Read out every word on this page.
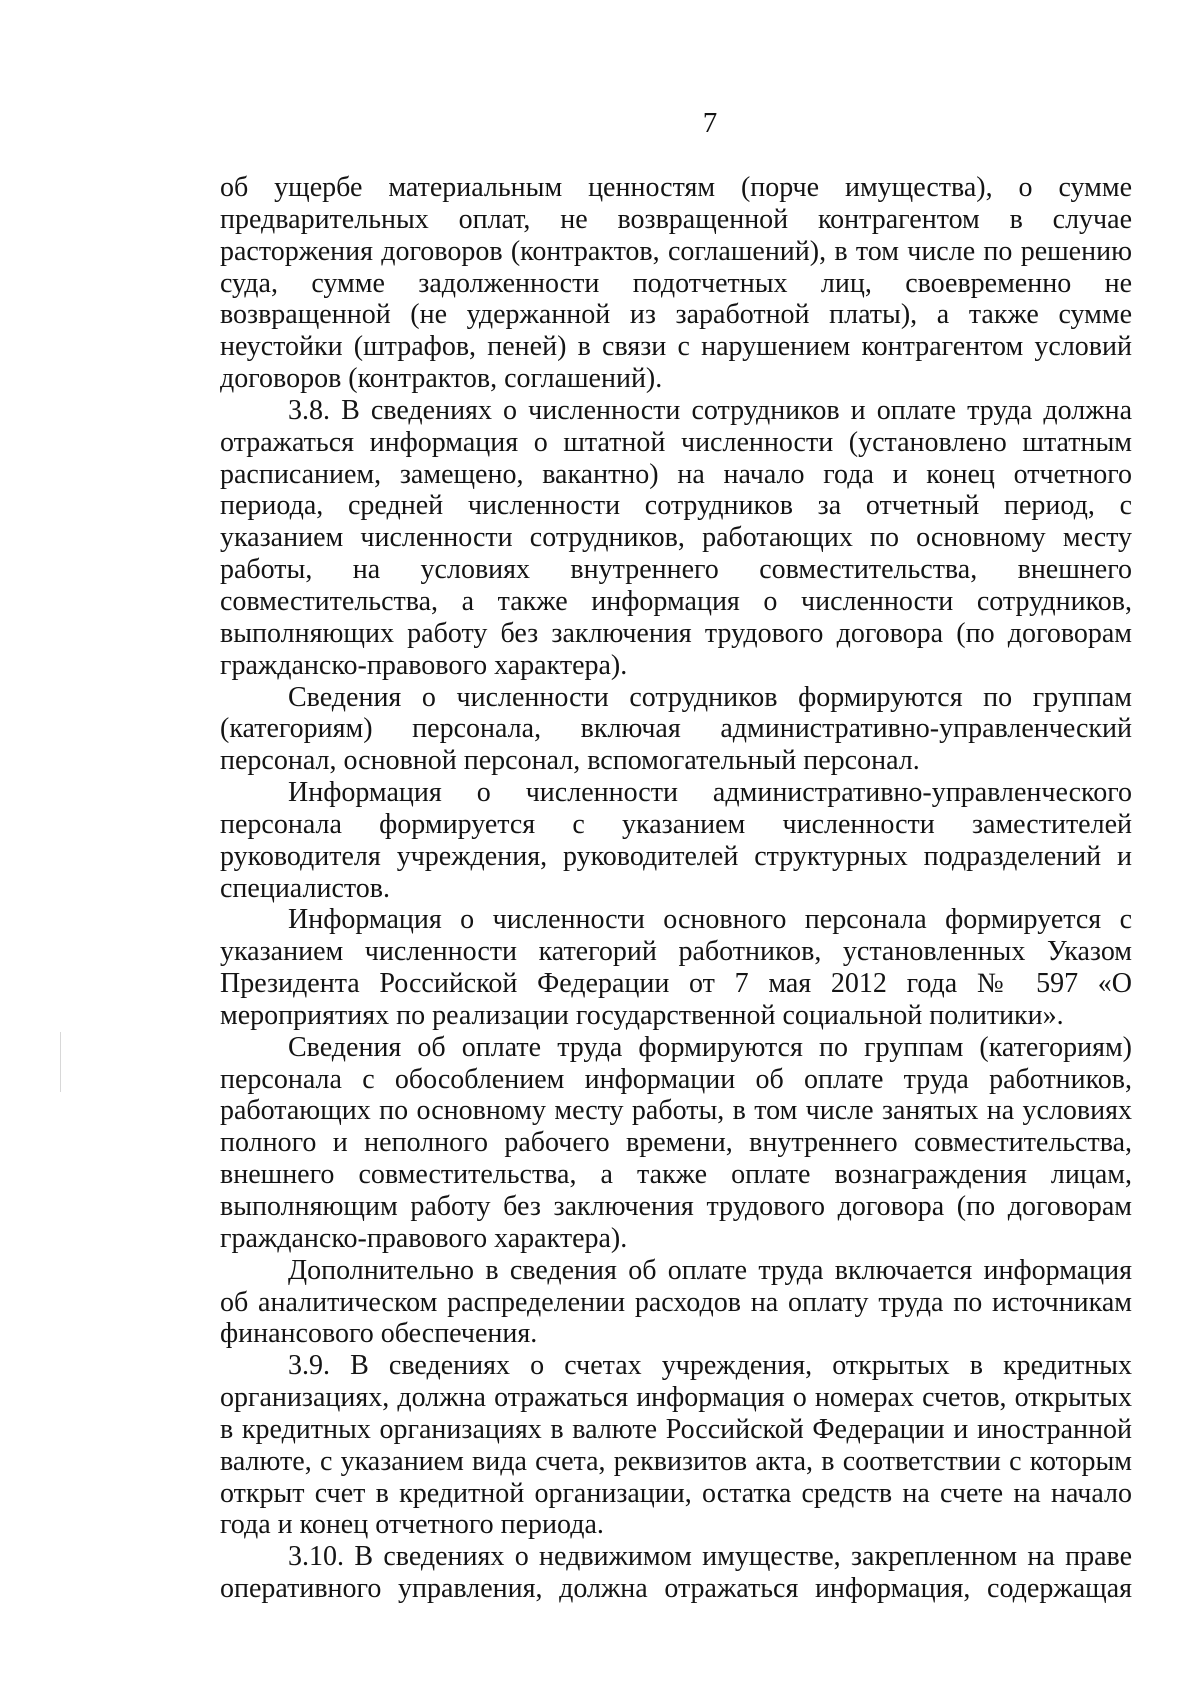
7

об ущербе материальным ценностям (порче имущества), о сумме предварительных оплат, не возвращенной контрагентом в случае расторжения договоров (контрактов, соглашений), в том числе по решению суда, сумме задолженности подотчетных лиц, своевременно не возвращенной (не удержанной из заработной платы), а также сумме неустойки (штрафов, пеней) в связи с нарушением контрагентом условий договоров (контрактов, соглашений).

3.8. В сведениях о численности сотрудников и оплате труда должна отражаться информация о штатной численности (установлено штатным расписанием, замещено, вакантно) на начало года и конец отчетного периода, средней численности сотрудников за отчетный период, с указанием численности сотрудников, работающих по основному месту работы, на условиях внутреннего совместительства, внешнего совместительства, а также информация о численности сотрудников, выполняющих работу без заключения трудового договора (по договорам гражданско-правового характера).

Сведения о численности сотрудников формируются по группам (категориям) персонала, включая административно-управленческий персонал, основной персонал, вспомогательный персонал.

Информация о численности административно-управленческого персонала формируется с указанием численности заместителей руководителя учреждения, руководителей структурных подразделений и специалистов.

Информация о численности основного персонала формируется с указанием численности категорий работников, установленных Указом Президента Российской Федерации от 7 мая 2012 года № 597 «О мероприятиях по реализации государственной социальной политики».

Сведения об оплате труда формируются по группам (категориям) персонала с обособлением информации об оплате труда работников, работающих по основному месту работы, в том числе занятых на условиях полного и неполного рабочего времени, внутреннего совместительства, внешнего совместительства, а также оплате вознаграждения лицам, выполняющим работу без заключения трудового договора (по договорам гражданско-правового характера).

Дополнительно в сведения об оплате труда включается информация об аналитическом распределении расходов на оплату труда по источникам финансового обеспечения.

3.9. В сведениях о счетах учреждения, открытых в кредитных организациях, должна отражаться информация о номерах счетов, открытых в кредитных организациях в валюте Российской Федерации и иностранной валюте, с указанием вида счета, реквизитов акта, в соответствии с которым открыт счет в кредитной организации, остатка средств на счете на начало года и конец отчетного периода.

3.10. В сведениях о недвижимом имуществе, закрепленном на праве оперативного управления, должна отражаться информация, содержащая
